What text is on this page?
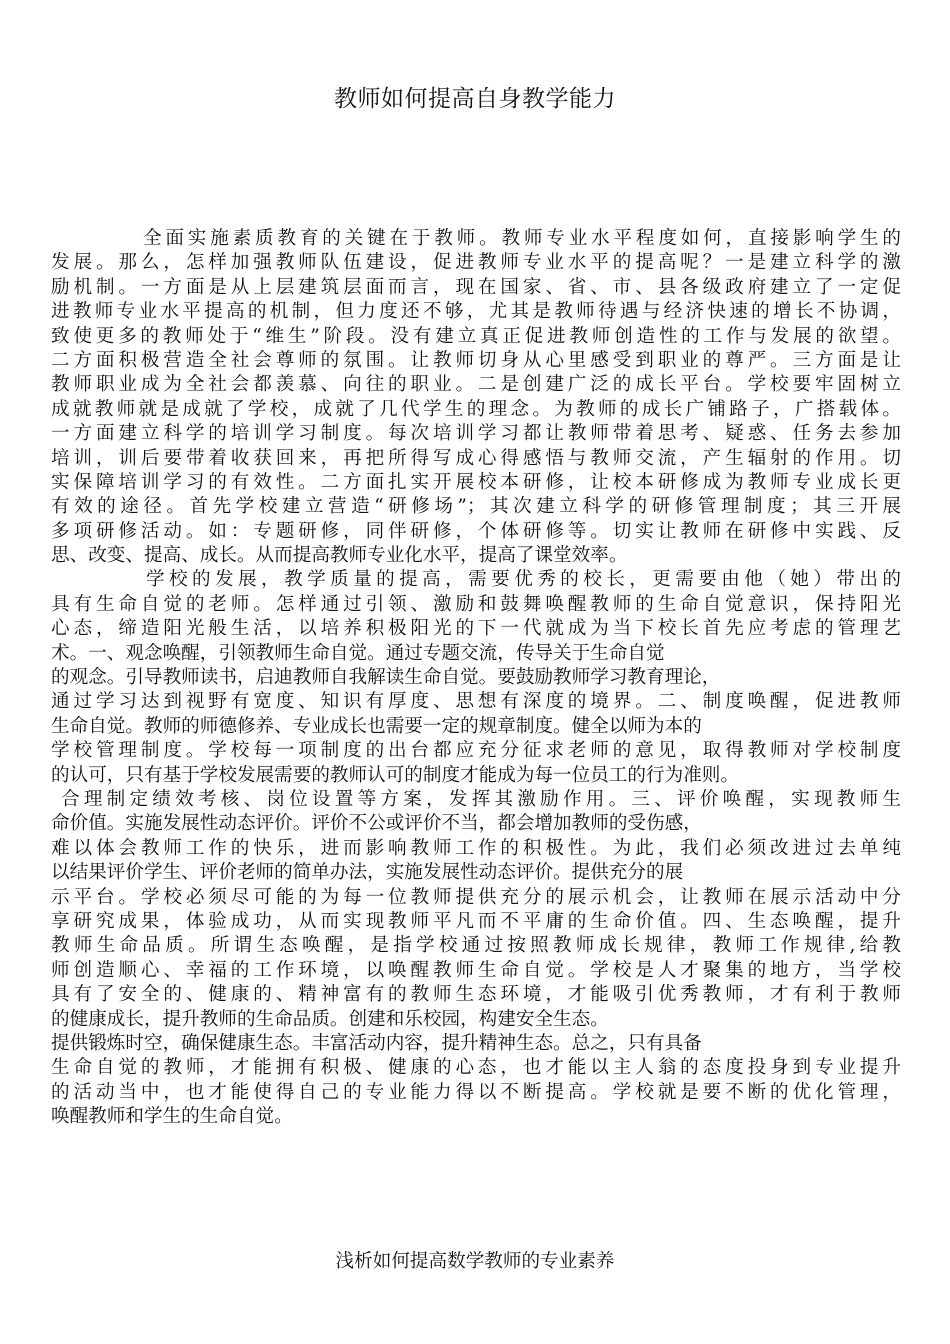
教师如何提高自身教学能力
全面实施素质教育的关键在于教师。教师专业水平程度如何，直接影响学生的
发展。那么，怎样加强教师队伍建设，促进教师专业水平的提高呢？一是建立科学的激
励机制。一方面是从上层建筑层面而言，现在国家、省、市、县各级政府建立了一定促
进教师专业水平提高的机制，但力度还不够，尤其是教师待遇与经济快速的增长不协调，
致使更多的教师处于“维生”阶段。没有建立真正促进教师创造性的工作与发展的欲望。
二方面积极营造全社会尊师的氛围。让教师切身从心里感受到职业的尊严。三方面是让
教师职业成为全社会都羡慕、向往的职业。二是创建广泛的成长平台。学校要牢固树立
成就教师就是成就了学校，成就了几代学生的理念。为教师的成长广铺路子，广搭载体。
一方面建立科学的培训学习制度。每次培训学习都让教师带着思考、疑惑、任务去参加
培训，训后要带着收获回来，再把所得写成心得感悟与教师交流，产生辐射的作用。切
实保障培训学习的有效性。二方面扎实开展校本研修，让校本研修成为教师专业成长更
有效的途径。首先学校建立营造“研修场”；其次建立科学的研修管理制度；其三开展
多项研修活动。如：专题研修，同伴研修，个体研修等。切实让教师在研修中实践、反
思、改变、提高、成长。从而提高教师专业化水平，提高了课堂效率。
学校的发展，教学质量的提高，需要优秀的校长，更需要由他（她）带出的
具有生命自觉的老师。怎样通过引领、激励和鼓舞唤醒教师的生命自觉意识，保持阳光
心态，缔造阳光般生活，以培养积极阳光的下一代就成为当下校长首先应考虑的管理艺
术。一、观念唤醒，引领教师生命自觉。通过专题交流，传导关于生命自觉
的观念。引导教师读书，启迪教师自我解读生命自觉。要鼓励教师学习教育理论，
通过学习达到视野有宽度、知识有厚度、思想有深度的境界。二、制度唤醒，促进教师
生命自觉。教师的师德修养、专业成长也需要一定的规章制度。健全以师为本的
学校管理制度。学校每一项制度的出台都应充分征求老师的意见，取得教师对学校制度
的认可，只有基于学校发展需要的教师认可的制度才能成为每一位员工的行为准则。
合理制定绩效考核、岗位设置等方案，发挥其激励作用。三、评价唤醒，实现教师生
命价值。实施发展性动态评价。评价不公或评价不当，都会增加教师的受伤感，
难以体会教师工作的快乐，进而影响教师工作的积极性。为此，我们必须改进过去单纯
以结果评价学生、评价老师的简单办法，实施发展性动态评价。提供充分的展
示平台。学校必须尽可能的为每一位教师提供充分的展示机会，让教师在展示活动中分
享研究成果，体验成功，从而实现教师平凡而不平庸的生命价值。四、生态唤醒，提升
教师生命品质。所谓生态唤醒，是指学校通过按照教师成长规律，教师工作规律,给教
师创造顺心、幸福的工作环境，以唤醒教师生命自觉。学校是人才聚集的地方，当学校
具有了安全的、健康的、精神富有的教师生态环境，才能吸引优秀教师，才有利于教师
的健康成长，提升教师的生命品质。创建和乐校园，构建安全生态。
提供锻炼时空，确保健康生态。丰富活动内容，提升精神生态。总之，只有具备
生命自觉的教师，才能拥有积极、健康的心态，也才能以主人翁的态度投身到专业提升
的活动当中，也才能使得自己的专业能力得以不断提高。学校就是要不断的优化管理，
唤醒教师和学生的生命自觉。
浅析如何提高数学教师的专业素养
